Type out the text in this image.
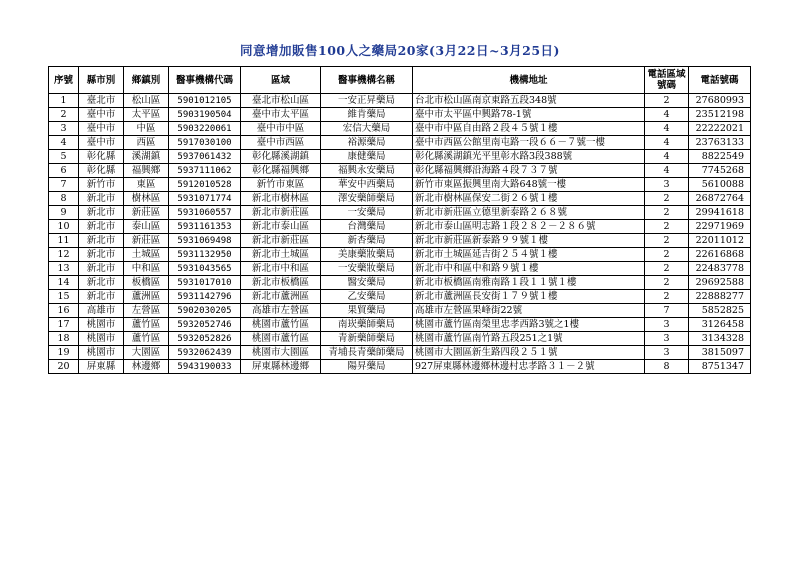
同意增加販售100人之藥局20家(3月22日~3月25日)
序號	縣市別	鄉鎮別	醫事機構代碼	區域	醫事機構名稱	機構地址	電話區域號碼	電話號碼
1	臺北市	松山區	5901012105	臺北市松山區	一安正昇藥局	台北市松山區南京東路五段348號	2	27680993
2	臺中市	太平區	5903190504	臺中市太平區	維肯藥局	臺中市太平區中興路78-1號	4	23512198
3	臺中市	中區	5903220061	臺中市中區	宏信大藥局	臺中市中區自由路２段４５號１樓	4	22222021
4	臺中市	西區	5917030100	臺中市西區	裕源藥局	臺中市西區公館里南屯路一段６６－７號一樓	4	23763133
5	彰化縣	溪湖鎮	5937061432	彰化縣溪湖鎮	康健藥局	彰化縣溪湖鎮光平里彰水路3段388號	4	8822549
6	彰化縣	福興鄉	5937111062	彰化縣福興鄉	福興永安藥局	彰化縣福興鄉沿海路４段７３７號	4	7745268
7	新竹市	東區	5912010528	新竹市東區	華安中西藥局	新竹市東區振興里南大路648號一樓	3	5610088
8	新北市	樹林區	5931071774	新北市樹林區	澤安藥師藥局	新北市樹林區保安二街２６號１樓	2	26872764
9	新北市	新莊區	5931060557	新北市新莊區	一安藥局	新北市新莊區立德里新泰路２６８號	2	29941618
10	新北市	泰山區	5931161353	新北市泰山區	台灣藥局	新北市泰山區明志路１段２８２－２８６號	2	22971969
11	新北市	新莊區	5931069498	新北市新莊區	新杏藥局	新北市新莊區新泰路９９號１樓	2	22011012
12	新北市	土城區	5931132950	新北市土城區	美康藥妝藥局	新北市土城區延吉街２５４號１樓	2	22616868
13	新北市	中和區	5931043565	新北市中和區	一安藥妝藥局	新北市中和區中和路９號１樓	2	22483778
14	新北市	板橋區	5931017010	新北市板橋區	醫安藥局	新北市板橋區南雅南路１段１１號１樓	2	29692588
15	新北市	蘆洲區	5931142796	新北市蘆洲區	乙安藥局	新北市蘆洲區長安街１７９號１樓	2	22888277
16	高雄市	左營區	5902030205	高雄市左營區	果貿藥局	高雄市左營區果峰街22號	7	5852825
17	桃園市	蘆竹區	5932052746	桃園市蘆竹區	南崁藥師藥局	桃園市蘆竹區南榮里忠孝西路3號之1樓	3	3126458
18	桃園市	蘆竹區	5932052826	桃園市蘆竹區	青新藥師藥局	桃園市蘆竹區南竹路五段251之1號	3	3134328
19	桃園市	大園區	5932062439	桃園市大園區	青埔長青藥師藥局	桃園市大園區新生路四段２５１號	3	3815097
20	屏東縣	林邊鄉	5943190033	屏東縣林邊鄉	陽昇藥局	927屏東縣林邊鄉林邊村忠孝路３１－２號	8	8751347
